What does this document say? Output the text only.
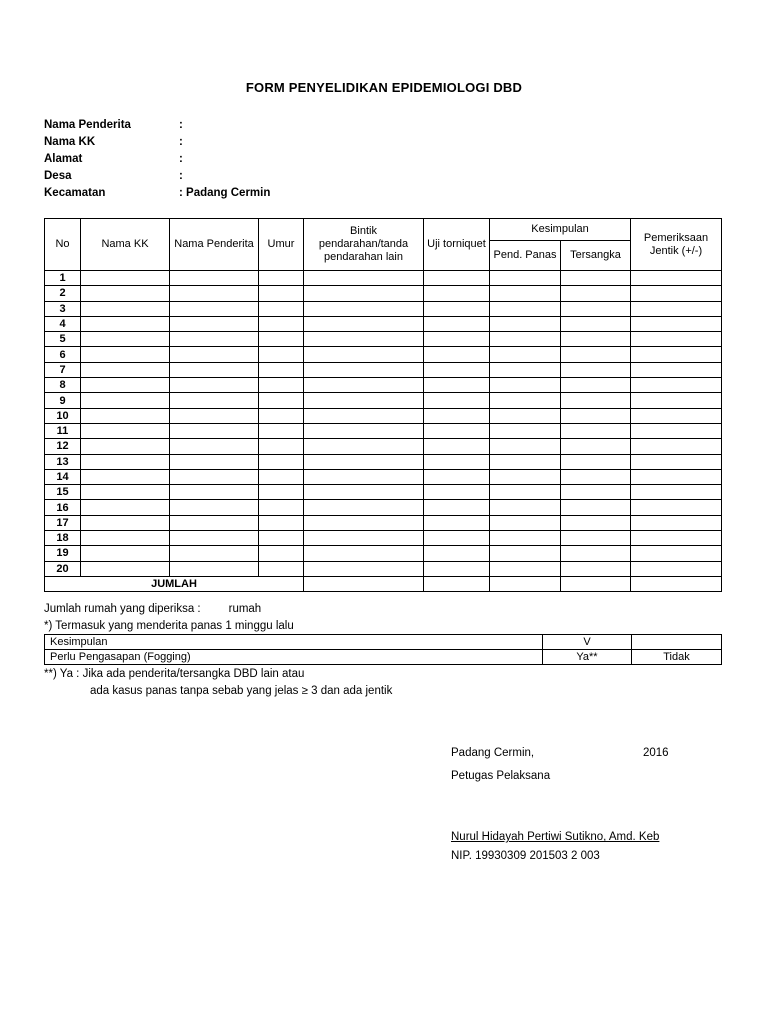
FORM PENYELIDIKAN EPIDEMIOLOGI DBD
Nama Penderita	:
Nama KK	:
Alamat	:
Desa	:
Kecamatan	: Padang Cermin
No	Nama KK	Nama Penderita	Umur	Bintik pendarahan/tanda pendarahan lain	Uji torniquet	Kesimpulan		Pemeriksaan Jentik (+/-)
						Pend. Panas	Tersangka	
1								
2								
3								
4								
5								
6								
7								
8								
9								
10								
11								
12								
13								
14								
15								
16								
17								
18								
19								
20								
JUMLAH								
Jumlah rumah yang diperiksa : rumah
*) Termasuk yang menderita panas 1 minggu lalu
Kesimpulan	V	
Perlu Pengasapan (Fogging)	Ya**	Tidak
**) Ya : Jika ada penderita/tersangka DBD lain atau
ada kasus panas tanpa sebab yang jelas ≥ 3 dan ada jentik
Padang Cermin,	2016
Petugas Pelaksana
Nurul Hidayah Pertiwi Sutikno, Amd. Keb
NIP. 19930309 201503 2 003
